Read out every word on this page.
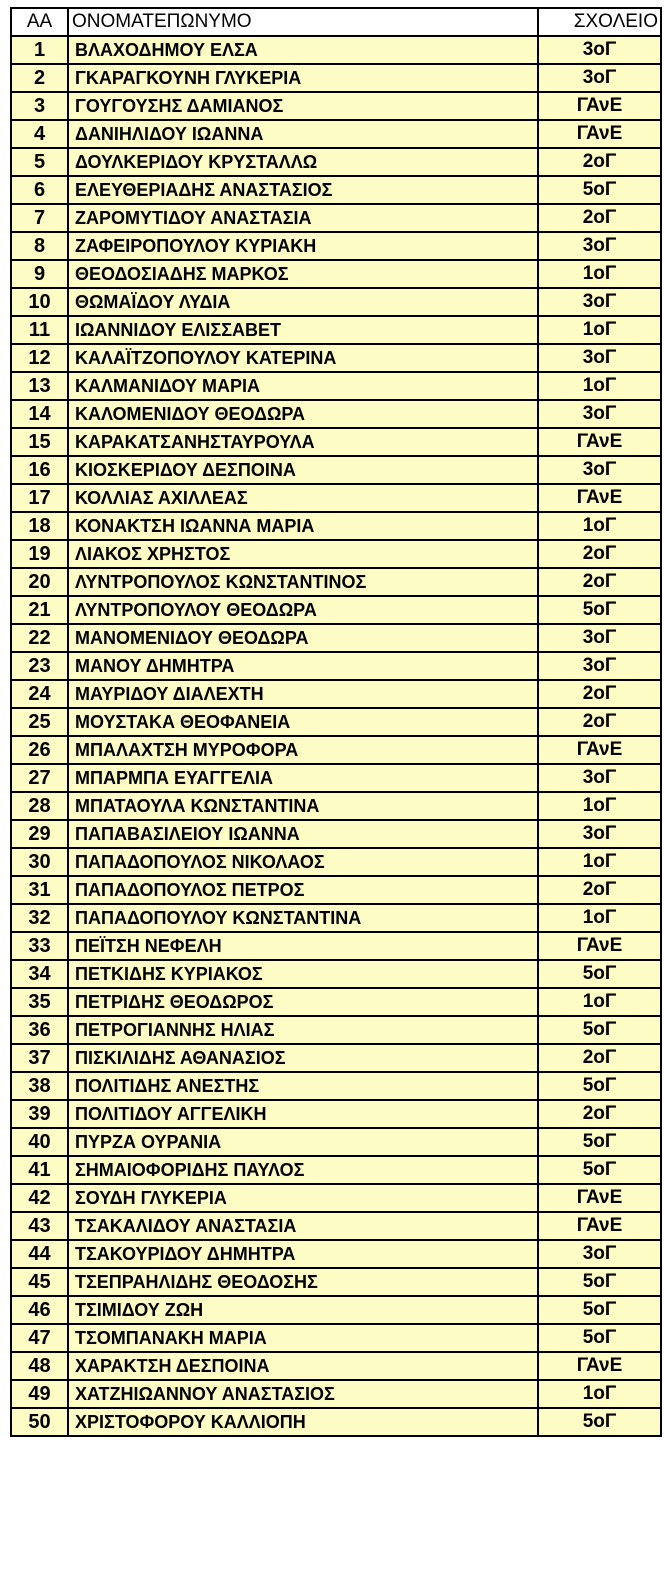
ΑΑ	ΟΝΟΜΑΤΕΠΩΝΥΜΟ	ΣΧΟΛΕΙΟ
1	ΒΛΑΧΟΔΗΜΟΥ ΕΛΣΑ	3οΓ
2	ΓΚΑΡΑΓΚΟΥΝΗ ΓΛΥΚΕΡΙΑ	3οΓ
3	ΓΟΥΓΟΥΣΗΣ ΔΑΜΙΑΝΟΣ	ΓΑνΕ
4	ΔΑΝΙΗΛΙΔΟΥ ΙΩΑΝΝΑ	ΓΑνΕ
5	ΔΟΥΛΚΕΡΙΔΟΥ ΚΡΥΣΤΑΛΛΩ	2οΓ
6	ΕΛΕΥΘΕΡΙΑΔΗΣ ΑΝΑΣΤΑΣΙΟΣ	5οΓ
7	ΖΑΡΟΜΥΤΙΔΟΥ ΑΝΑΣΤΑΣΙΑ	2οΓ
8	ΖΑΦΕΙΡΟΠΟΥΛΟΥ ΚΥΡΙΑΚΗ	3οΓ
9	ΘΕΟΔΟΣΙΑΔΗΣ ΜΑΡΚΟΣ	1οΓ
10	ΘΩΜΑΪΔΟΥ ΛΥΔΙΑ	3οΓ
11	ΙΩΑΝΝΙΔΟΥ ΕΛΙΣΣΑΒΕΤ	1οΓ
12	ΚΑΛΑΪΤΖΟΠΟΥΛΟΥ ΚΑΤΕΡΙΝΑ	3οΓ
13	ΚΑΛΜΑΝΙΔΟΥ ΜΑΡΙΑ	1οΓ
14	ΚΑΛΟΜΕΝΙΔΟΥ ΘΕΟΔΩΡΑ	3οΓ
15	ΚΑΡΑΚΑΤΣΑΝΗΣΤΑΥΡΟΥΛΑ	ΓΑνΕ
16	ΚΙΟΣΚΕΡΙΔΟΥ ΔΕΣΠΟΙΝΑ	3οΓ
17	ΚΟΛΛΙΑΣ ΑΧΙΛΛΕΑΣ	ΓΑνΕ
18	ΚΟΝΑΚΤΣΗ ΙΩΑΝΝΑ ΜΑΡΙΑ	1οΓ
19	ΛΙΑΚΟΣ ΧΡΗΣΤΟΣ	2οΓ
20	ΛΥΝΤΡΟΠΟΥΛΟΣ ΚΩΝΣΤΑΝΤΙΝΟΣ	2οΓ
21	ΛΥΝΤΡΟΠΟΥΛΟΥ ΘΕΟΔΩΡΑ	5οΓ
22	ΜΑΝΟΜΕΝΙΔΟΥ ΘΕΟΔΩΡΑ	3οΓ
23	ΜΑΝΟΥ ΔΗΜΗΤΡΑ	3οΓ
24	ΜΑΥΡΙΔΟΥ ΔΙΑΛΕΧΤΗ	2οΓ
25	ΜΟΥΣΤΑΚΑ ΘΕΟΦΑΝΕΙΑ	2οΓ
26	ΜΠΑΛΑΧΤΣΗ ΜΥΡΟΦΟΡΑ	ΓΑνΕ
27	ΜΠΑΡΜΠΑ ΕΥΑΓΓΕΛΙΑ	3οΓ
28	ΜΠΑΤΑΟΥΛΑ ΚΩΝΣΤΑΝΤΙΝΑ	1οΓ
29	ΠΑΠΑΒΑΣΙΛΕΙΟΥ ΙΩΑΝΝΑ	3οΓ
30	ΠΑΠΑΔΟΠΟΥΛΟΣ ΝΙΚΟΛΑΟΣ	1οΓ
31	ΠΑΠΑΔΟΠΟΥΛΟΣ ΠΕΤΡΟΣ	2οΓ
32	ΠΑΠΑΔΟΠΟΥΛΟΥ ΚΩΝΣΤΑΝΤΙΝΑ	1οΓ
33	ΠΕΪΤΣΗ ΝΕΦΕΛΗ	ΓΑνΕ
34	ΠΕΤΚΙΔΗΣ ΚΥΡΙΑΚΟΣ	5οΓ
35	ΠΕΤΡΙΔΗΣ ΘΕΟΔΩΡΟΣ	1οΓ
36	ΠΕΤΡΟΓΙΑΝΝΗΣ ΗΛΙΑΣ	5οΓ
37	ΠΙΣΚΙΛΙΔΗΣ ΑΘΑΝΑΣΙΟΣ	2οΓ
38	ΠΟΛΙΤΙΔΗΣ ΑΝΕΣΤΗΣ	5οΓ
39	ΠΟΛΙΤΙΔΟΥ ΑΓΓΕΛΙΚΗ	2οΓ
40	ΠΥΡΖΑ ΟΥΡΑΝΙΑ	5οΓ
41	ΣΗΜΑΙΟΦΟΡΙΔΗΣ ΠΑΥΛΟΣ	5οΓ
42	ΣΟΥΔΗ ΓΛΥΚΕΡΙΑ	ΓΑνΕ
43	ΤΣΑΚΑΛΙΔΟΥ ΑΝΑΣΤΑΣΙΑ	ΓΑνΕ
44	ΤΣΑΚΟΥΡΙΔΟΥ ΔΗΜΗΤΡΑ	3οΓ
45	ΤΣΕΠΡΑΗΛΙΔΗΣ ΘΕΟΔΟΣΗΣ	5οΓ
46	ΤΣΙΜΙΔΟΥ ΖΩΗ	5οΓ
47	ΤΣΟΜΠΑΝΑΚΗ ΜΑΡΙΑ	5οΓ
48	ΧΑΡΑΚΤΣΗ ΔΕΣΠΟΙΝΑ	ΓΑνΕ
49	ΧΑΤΖΗΙΩΑΝΝΟΥ ΑΝΑΣΤΑΣΙΟΣ	1οΓ
50	ΧΡΙΣΤΟΦΟΡΟΥ ΚΑΛΛΙΟΠΗ	5οΓ
